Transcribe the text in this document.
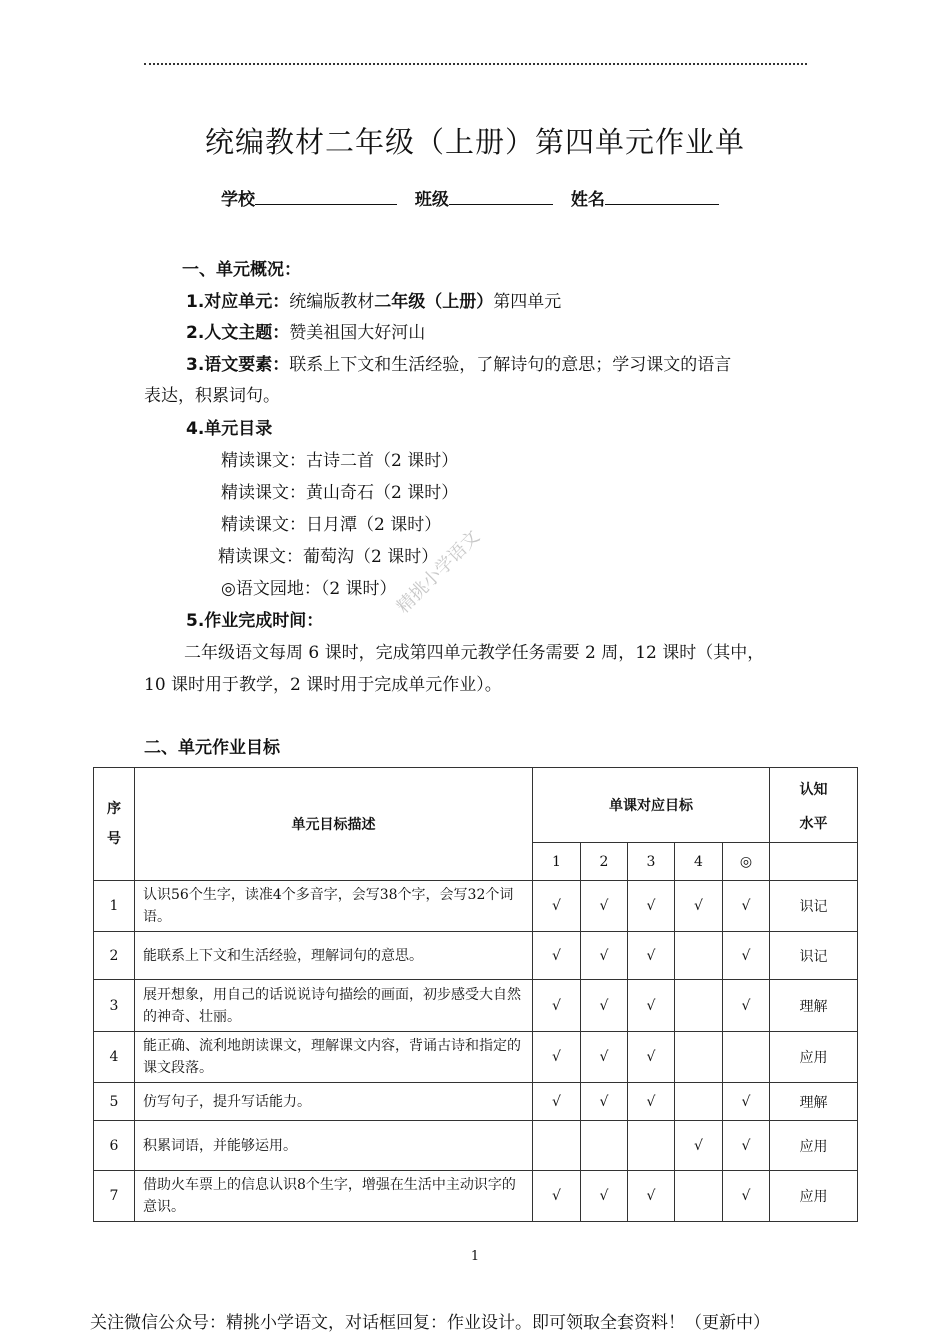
统编教材二年级（上册）第四单元作业单
学校	班级	姓名
一、单元概况：
1.对应单元：统编版教材二年级（上册）第四单元
2.人文主题：赞美祖国大好河山
3.语文要素：联系上下文和生活经验，了解诗句的意思；学习课文的语言
表达，积累词句。
4.单元目录
精读课文：古诗二首（2 课时）
精读课文：黄山奇石（2 课时）
精读课文：日月潭（2 课时）
精读课文：葡萄沟（2 课时）
◎语文园地：（2 课时）
5.作业完成时间：
二年级语文每周 6 课时，完成第四单元教学任务需要 2 周，12 课时（其中，
10 课时用于教学，2 课时用于完成单元作业）。
精挑小学语文
二、单元作业目标
序号	单元目标描述	单课对应目标					认知
水平

		1	2	3	4	◎	
1	认识56个生字，读准4个多音字，会写38个字，会写32个词语。	√	√	√	√	√	识记
2	能联系上下文和生活经验，理解词句的意思。	√	√	√		√	识记
3	展开想象，用自己的话说说诗句描绘的画面，初步感受大自然的神奇、壮丽。	√	√	√		√	理解
4	能正确、流利地朗读课文，理解课文内容，背诵古诗和指定的课文段落。	√	√	√			应用
5	仿写句子，提升写话能力。	√	√	√		√	理解
6	积累词语，并能够运用。				√	√	应用
7	借助火车票上的信息认识8个生字，增强在生活中主动识字的意识。	√	√	√		√	应用
1
关注微信公众号：精挑小学语文，对话框回复：作业设计。即可领取全套资料！（更新中）
